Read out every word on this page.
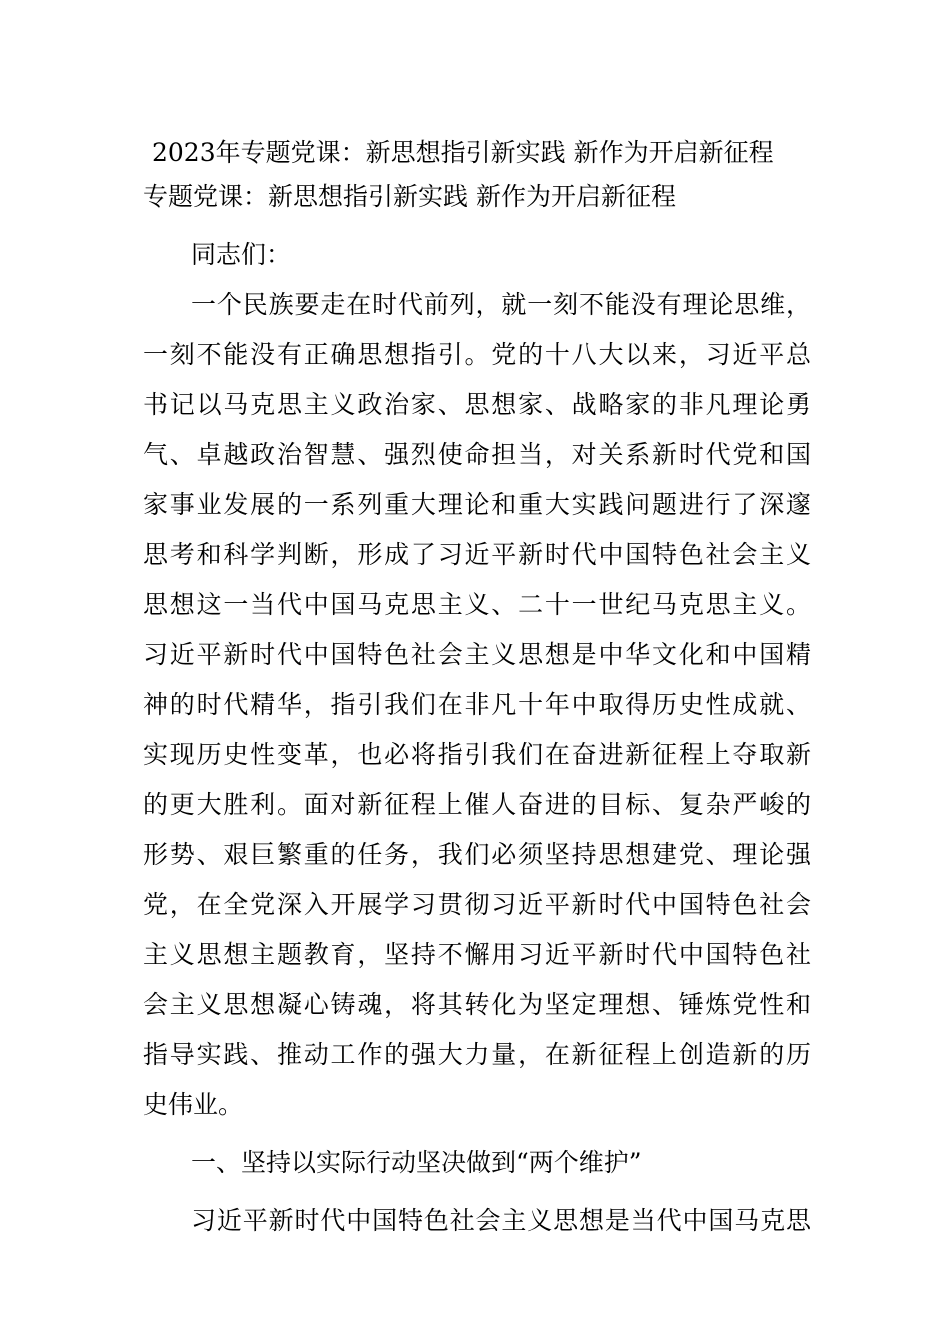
2023年专题党课：新思想指引新实践 新作为开启新征程
专题党课：新思想指引新实践 新作为开启新征程
同志们：
一个民族要走在时代前列，就一刻不能没有理论思维，
一刻不能没有正确思想指引。党的十八大以来，习近平总
书记以马克思主义政治家、思想家、战略家的非凡理论勇
气、卓越政治智慧、强烈使命担当，对关系新时代党和国
家事业发展的一系列重大理论和重大实践问题进行了深邃
思考和科学判断，形成了习近平新时代中国特色社会主义
思想这一当代中国马克思主义、二十一世纪马克思主义。
习近平新时代中国特色社会主义思想是中华文化和中国精
神的时代精华，指引我们在非凡十年中取得历史性成就、
实现历史性变革，也必将指引我们在奋进新征程上夺取新
的更大胜利。面对新征程上催人奋进的目标、复杂严峻的
形势、艰巨繁重的任务，我们必须坚持思想建党、理论强
党，在全党深入开展学习贯彻习近平新时代中国特色社会
主义思想主题教育，坚持不懈用习近平新时代中国特色社
会主义思想凝心铸魂，将其转化为坚定理想、锤炼党性和
指导实践、推动工作的强大力量，在新征程上创造新的历
史伟业。
一、坚持以实际行动坚决做到“两个维护”
习近平新时代中国特色社会主义思想是当代中国马克思
